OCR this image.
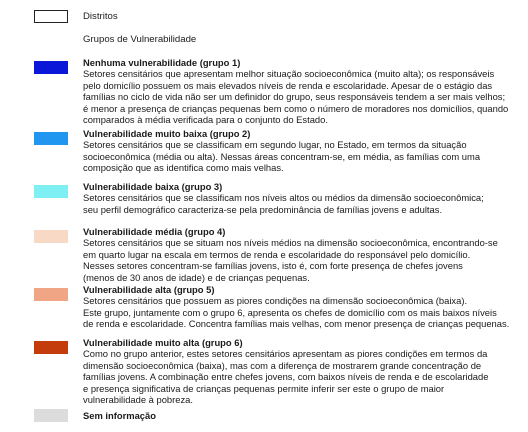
Distritos
Grupos de Vulnerabilidade
Nenhuma vulnerabilidade (grupo 1)
Setores censitários que apresentam melhor situação socioeconômica (muito alta); os responsáveis
pelo domicílio possuem os mais elevados níveis de renda e escolaridade. Apesar de o estágio das
famílias no ciclo de vida não ser um definidor do grupo, seus responsáveis tendem a ser mais velhos;
é menor a presença de crianças pequenas bem como o número de moradores nos domicílios, quando
comparados à média verificada para o conjunto do Estado.
Vulnerabilidade muito baixa (grupo 2)
Setores censitários que se classificam em segundo lugar, no Estado, em termos da situação
socioeconômica (média ou alta). Nessas áreas concentram-se, em média, as famílias com uma
composição que as identifica como mais velhas.
Vulnerabilidade baixa (grupo 3)
Setores censitários que se classificam nos níveis altos ou médios da dimensão socioeconômica;
seu perfil demográfico caracteriza-se pela predominância de famílias jovens e adultas.
Vulnerabilidade média (grupo 4)
Setores censitários que se situam nos níveis médios na dimensão socioeconômica, encontrando-se
em quarto lugar na escala em termos de renda e escolaridade do responsável pelo domicílio.
Nesses setores concentram-se famílias jovens, isto é, com forte presença de chefes jovens
(menos de 30 anos de idade) e de crianças pequenas.
Vulnerabilidade alta (grupo 5)
Setores censitários que possuem as piores condições na dimensão socioeconômica (baixa).
Este grupo, juntamente com o grupo 6, apresenta os chefes de domicílio com os mais baixos níveis
de renda e escolaridade. Concentra famílias mais velhas, com menor presença de crianças pequenas.
Vulnerabilidade muito alta (grupo 6)
Como no grupo anterior, estes setores censitários apresentam as piores condições em termos da
dimensão socioeconômica (baixa), mas com a diferença de mostrarem grande concentração de
famílias jovens. A combinação entre chefes jovens, com baixos níveis de renda e de escolaridade
e presença significativa de crianças pequenas permite inferir ser este o grupo de maior
vulnerabilidade à pobreza.
Sem informação
